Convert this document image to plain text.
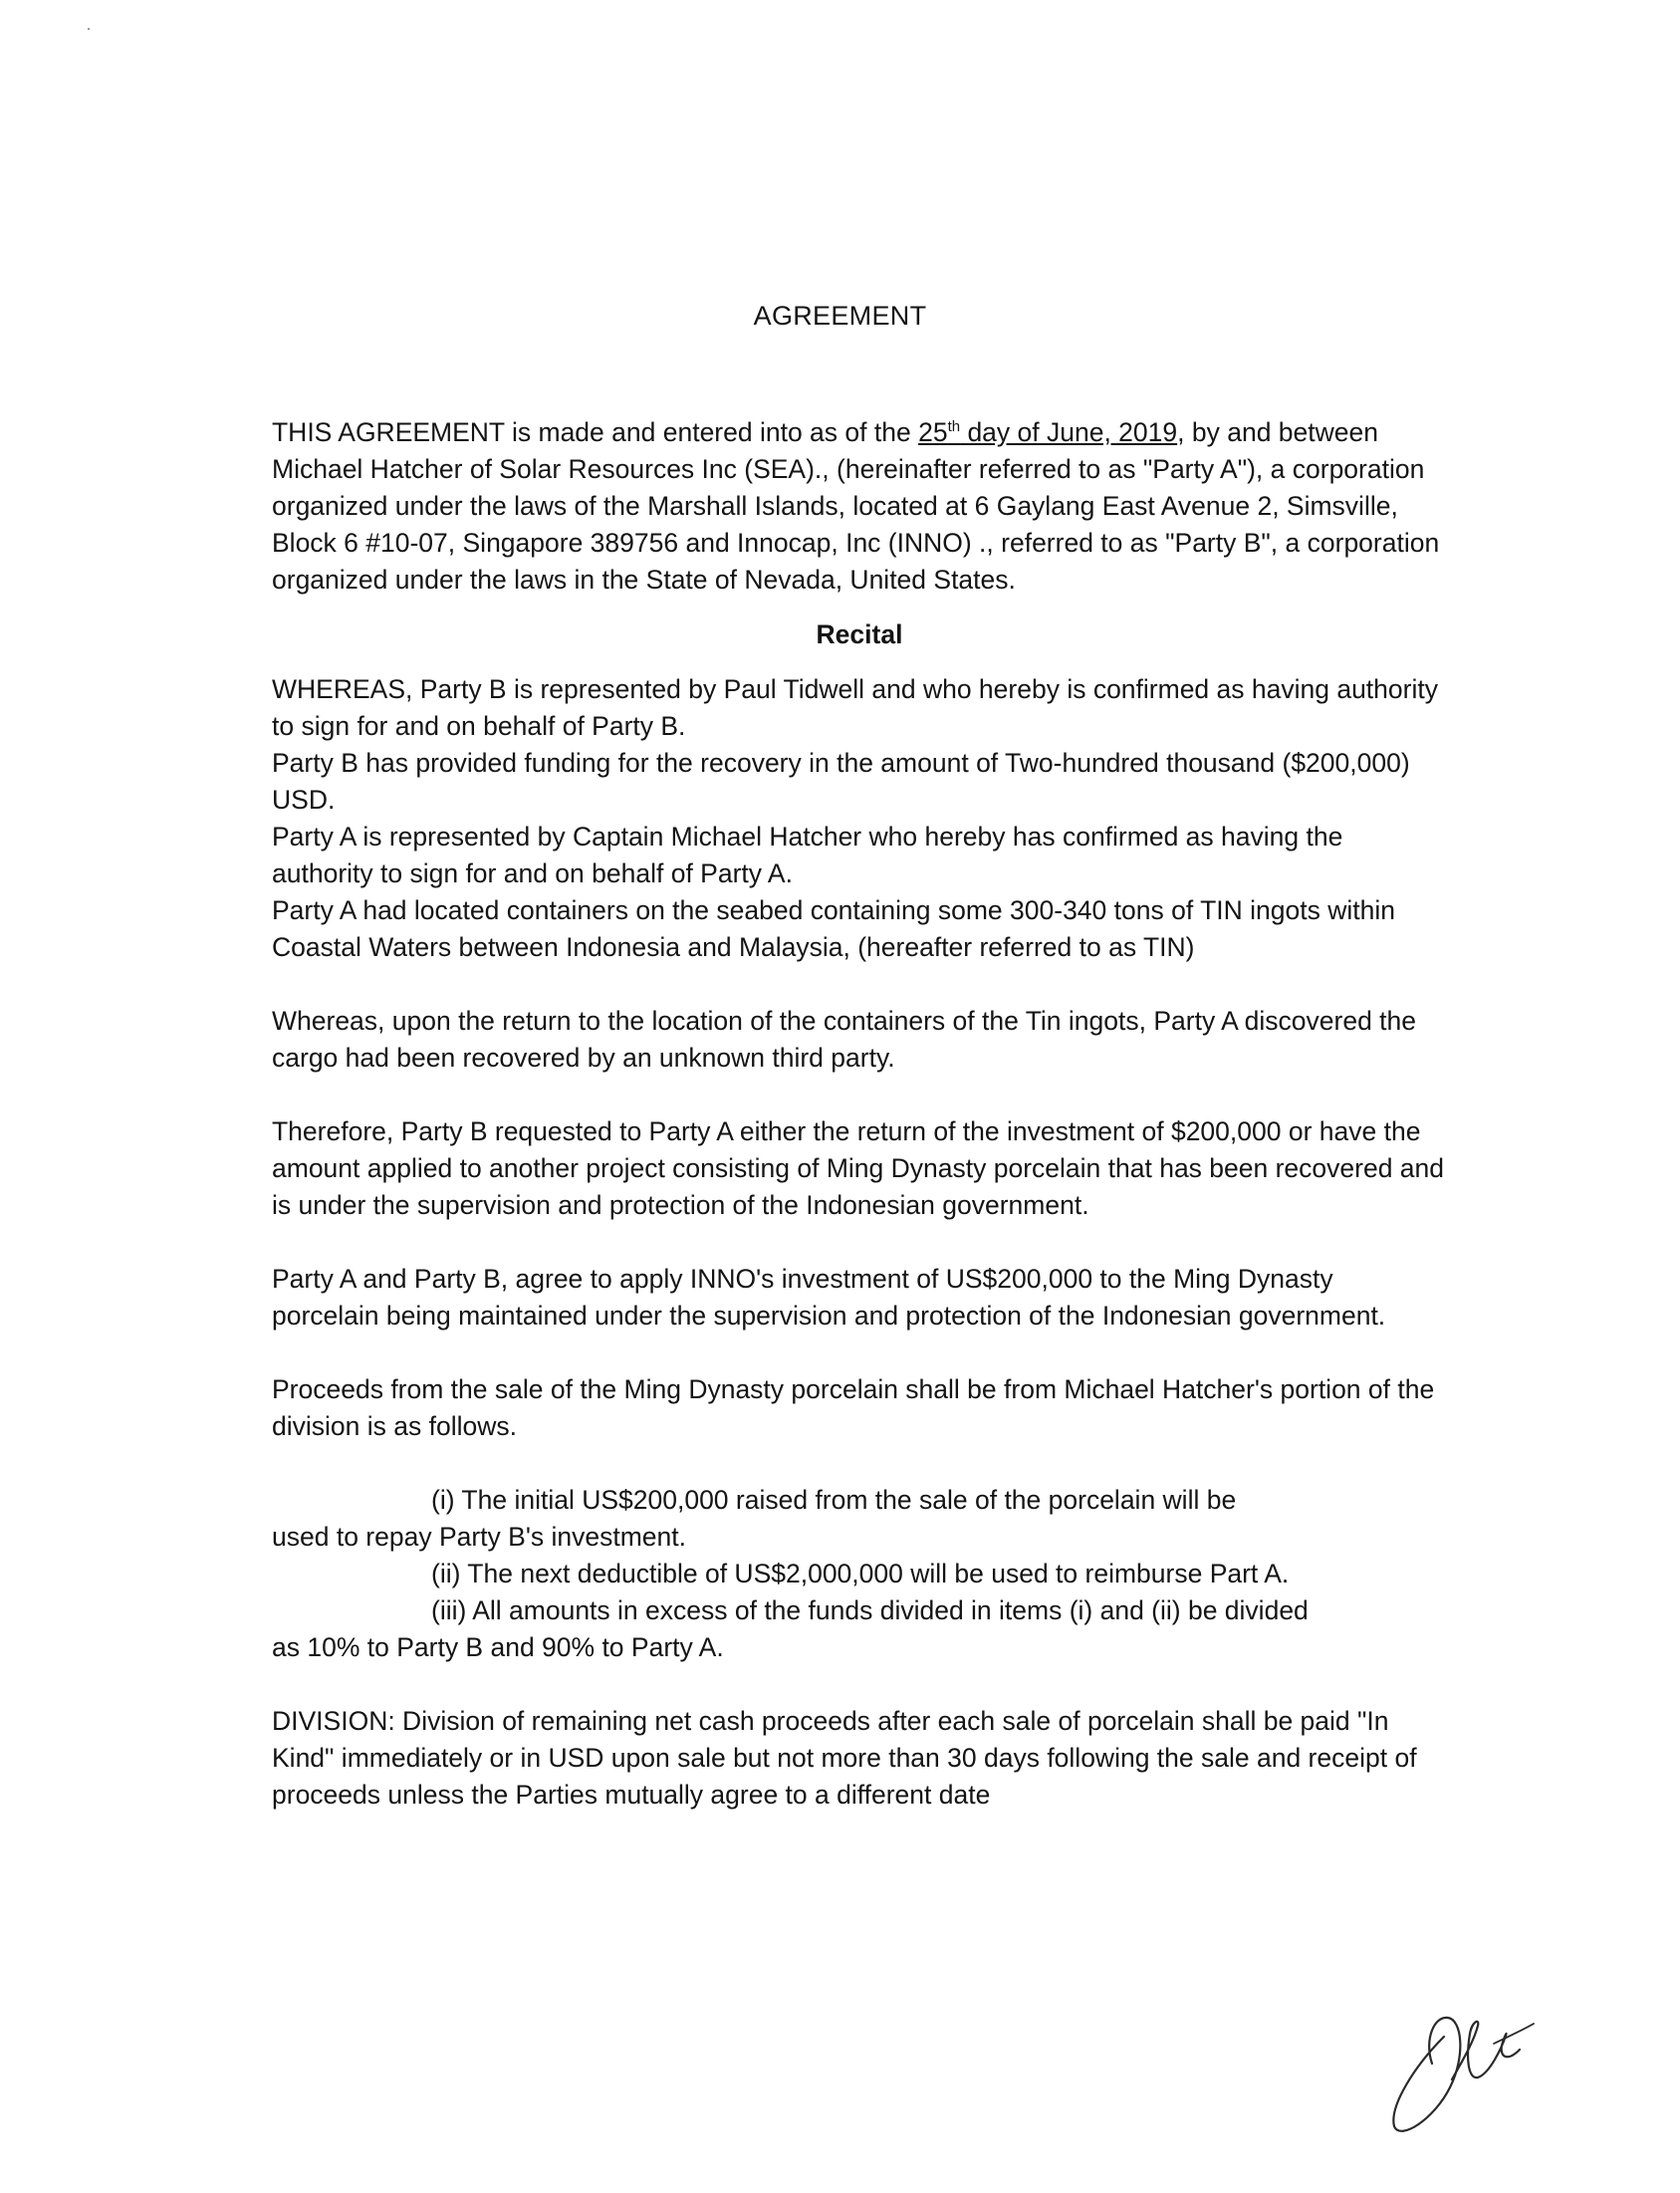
AGREEMENT

THIS AGREEMENT is made and entered into as of the 25th day of June, 2019, by and between Michael Hatcher of Solar Resources Inc (SEA)., (hereinafter referred to as "Party A"), a corporation organized under the laws of the Marshall Islands, located at 6 Gaylang East Avenue 2, Simsville, Block 6 #10-07, Singapore 389756 and Innocap, Inc (INNO) ., referred to as "Party B", a corporation organized under the laws in the State of Nevada, United States.

Recital

WHEREAS, Party B is represented by Paul Tidwell and who hereby is confirmed as having authority to sign for and on behalf of Party B.

Party B has provided funding for the recovery in the amount of Two-hundred thousand ($200,000) USD.

Party A is represented by Captain Michael Hatcher who hereby has confirmed as having the authority to sign for and on behalf of Party A.

Party A had located containers on the seabed containing some 300-340 tons of TIN ingots within Coastal Waters between Indonesia and Malaysia, (hereafter referred to as TIN)

Whereas, upon the return to the location of the containers of the Tin ingots, Party A discovered the cargo had been recovered by an unknown third party.

Therefore, Party B requested to Party A either the return of the investment of $200,000 or have the amount applied to another project consisting of Ming Dynasty porcelain that has been recovered and is under the supervision and protection of the Indonesian government.

Party A and Party B, agree to apply INNO's investment of US$200,000 to the Ming Dynasty porcelain being maintained under the supervision and protection of the Indonesian government.

Proceeds from the sale of the Ming Dynasty porcelain shall be from Michael Hatcher's portion of the division is as follows.

(i) The initial US$200,000 raised from the sale of the porcelain will be

used to repay Party B's investment.

(ii) The next deductible of US$2,000,000 will be used to reimburse Part A.

(iii) All amounts in excess of the funds divided in items (i) and (ii) be divided

as 10% to Party B and 90% to Party A.

DIVISION: Division of remaining net cash proceeds after each sale of porcelain shall be paid "In Kind" immediately or in USD upon sale but not more than 30 days following the sale and receipt of proceeds unless the Parties mutually agree to a different date
